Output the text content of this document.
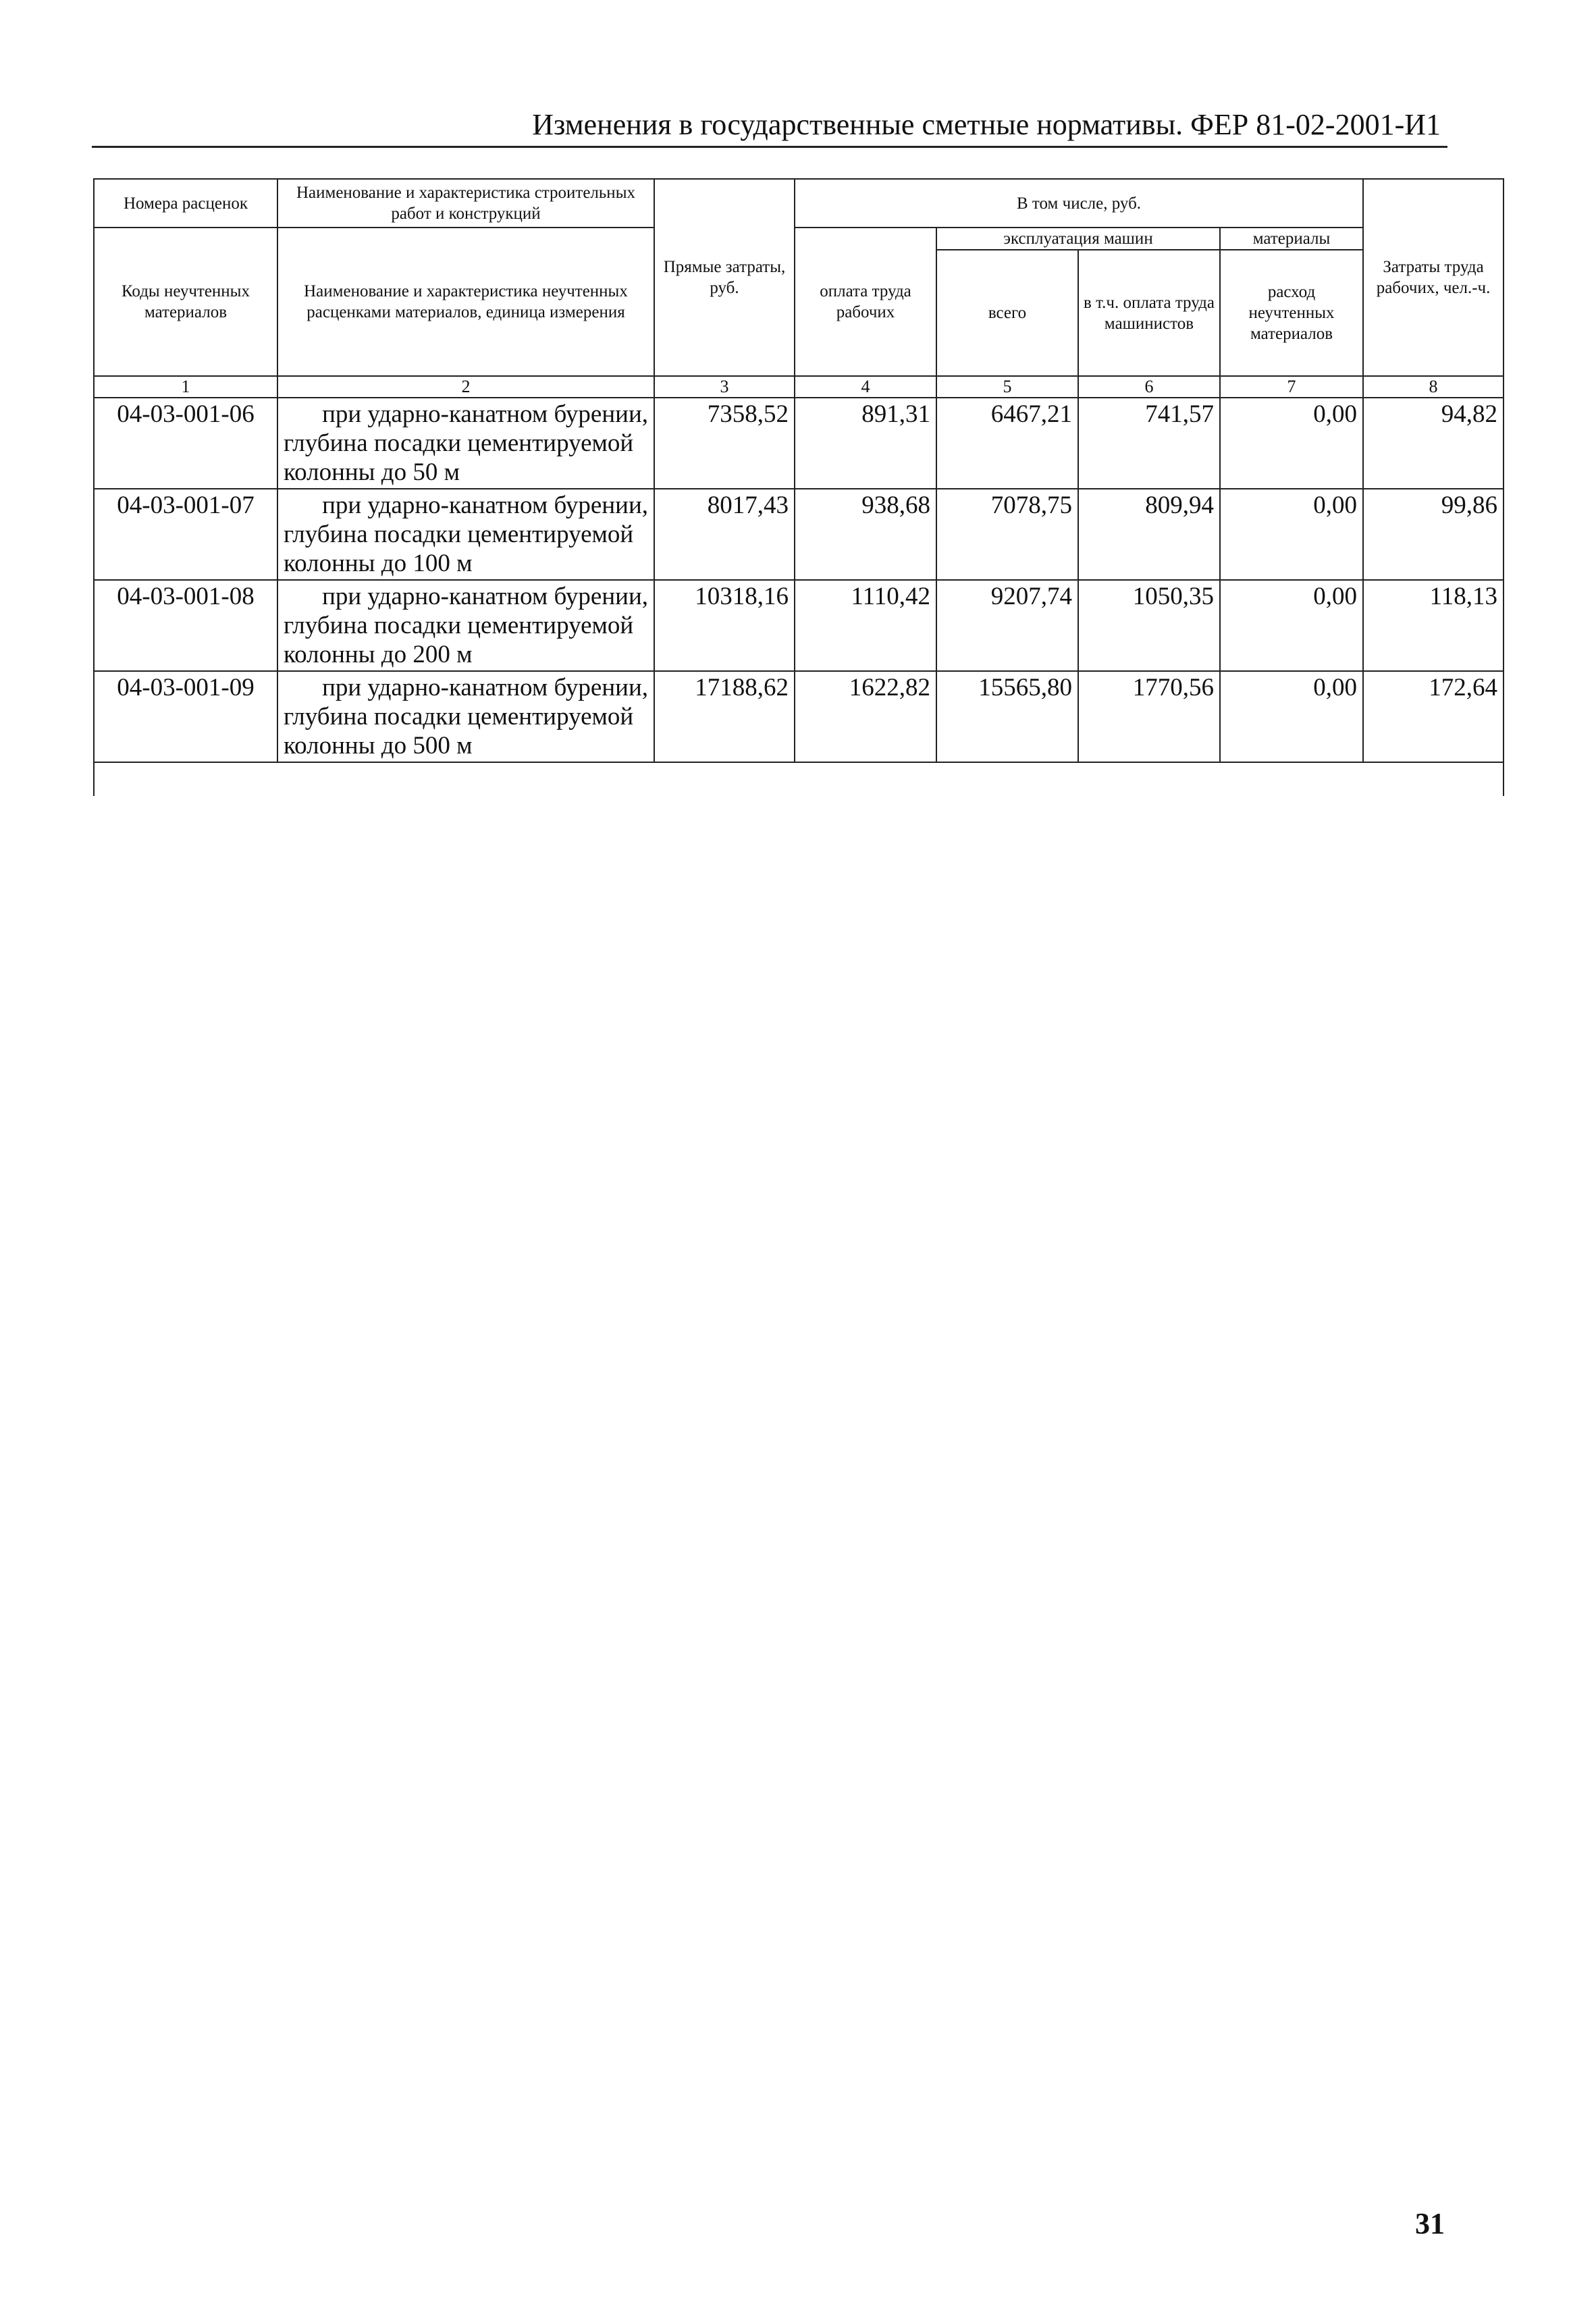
Изменения в государственные сметные нормативы. ФЕР 81-02-2001-И1
Номера расценок	Наименование и характеристика строительных работ и конструкций	Прямые затраты, руб.	В том числе, руб.				Затраты труда рабочих, чел.-ч.
Коды неучтенных материалов	Наименование и характеристика неучтенных расценками материалов, единица измерения		оплата труда рабочих	эксплуатация машин		материалы	
				всего	в т.ч. оплата труда машинистов	расход неучтенных материалов	
1	2	3	4	5	6	7	8
04-03-001-06	при ударно-канатном бурении,
глубина посадки цементируемой
колонны до 50 м	7358,52	891,31	6467,21	741,57	0,00	94,82
04-03-001-07	при ударно-канатном бурении,
глубина посадки цементируемой
колонны до 100 м	8017,43	938,68	7078,75	809,94	0,00	99,86
04-03-001-08	при ударно-канатном бурении,
глубина посадки цементируемой
колонны до 200 м	10318,16	1110,42	9207,74	1050,35	0,00	118,13
04-03-001-09	при ударно-канатном бурении,
глубина посадки цементируемой
колонны до 500 м	17188,62	1622,82	15565,80	1770,56	0,00	172,64

31
